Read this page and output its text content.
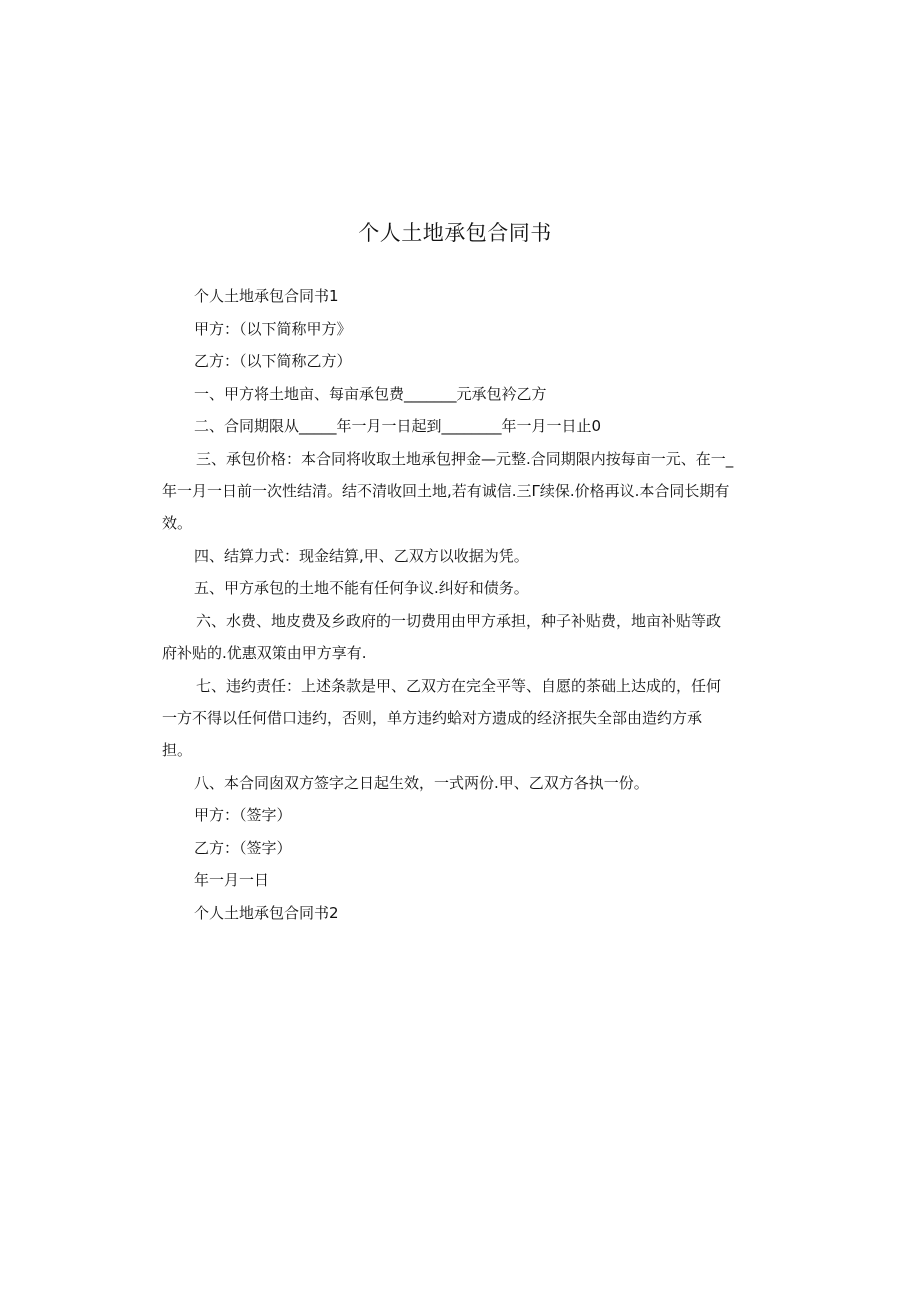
个人土地承包合同书
个人土地承包合同书1
甲方：（以下简称甲方》
乙方：（以下简称乙方）
一、甲方将土地亩、每亩承包费_______元承包衿乙方
二、合同期限从_____年一月一日起到________年一月一日止0
三、承包价格：本合同将收取土地承包押金—元整.合同期限内按每亩一元、在一_
年一月一日前一次性结清。结不清收回土地,若有诚信.三Γ续保.价格再议.本合同长期有
效。
四、结算力式：现金结算,甲、乙双方以收据为凭。
五、甲方承包的土地不能有任何争议.纠好和债务。
六、水费、地皮费及乡政府的一切费用由甲方承担，种子补贴费，地亩补贴等政
府补贴的.优惠双策由甲方享有.
七、违约责任：上述条款是甲、乙双方在完全平等、自愿的茶础上达成的，任何
一方不得以任何借口违约，否则，单方违约蛤对方遗成的经济抿失全部由造约方承
担。
八、本合同囱双方签字之日起生效，一式两份.甲、乙双方各执一份。
甲方：（签字）
乙方：（签字）
年一月一日
个人土地承包合同书2
